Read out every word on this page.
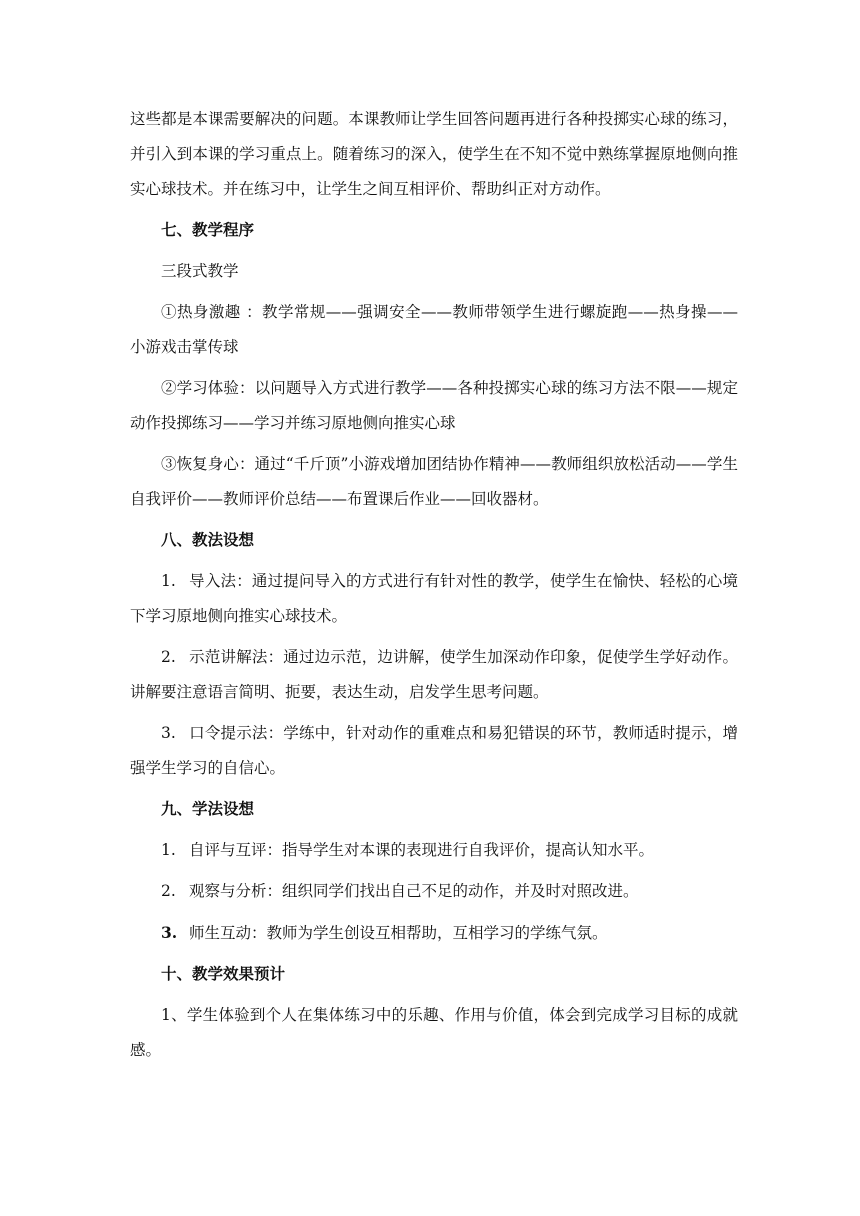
这些都是本课需要解决的问题。本课教师让学生回答问题再进行各种投掷实心球的练习，并引入到本课的学习重点上。随着练习的深入，使学生在不知不觉中熟练掌握原地侧向推实心球技术。并在练习中，让学生之间互相评价、帮助纠正对方动作。

七、教学程序

三段式教学

①热身激趣 ：教学常规——强调安全——教师带领学生进行螺旋跑——热身操——小游戏击掌传球

②学习体验：以问题导入方式进行教学——各种投掷实心球的练习方法不限——规定动作投掷练习——学习并练习原地侧向推实心球

③恢复身心：通过“千斤顶”小游戏增加团结协作精神——教师组织放松活动——学生自我评价——教师评价总结——布置课后作业——回收器材。

八、教法设想

1. 导入法：通过提问导入的方式进行有针对性的教学，使学生在愉快、轻松的心境下学习原地侧向推实心球技术。

2. 示范讲解法：通过边示范，边讲解，使学生加深动作印象，促使学生学好动作。讲解要注意语言简明、扼要，表达生动，启发学生思考问题。

3. 口令提示法：学练中，针对动作的重难点和易犯错误的环节，教师适时提示，增强学生学习的自信心。

九、学法设想

1. 自评与互评：指导学生对本课的表现进行自我评价，提高认知水平。

2. 观察与分析：组织同学们找出自己不足的动作，并及时对照改进。

3. 师生互动：教师为学生创设互相帮助，互相学习的学练气氛。

十、教学效果预计

1、学生体验到个人在集体练习中的乐趣、作用与价值，体会到完成学习目标的成就感。
